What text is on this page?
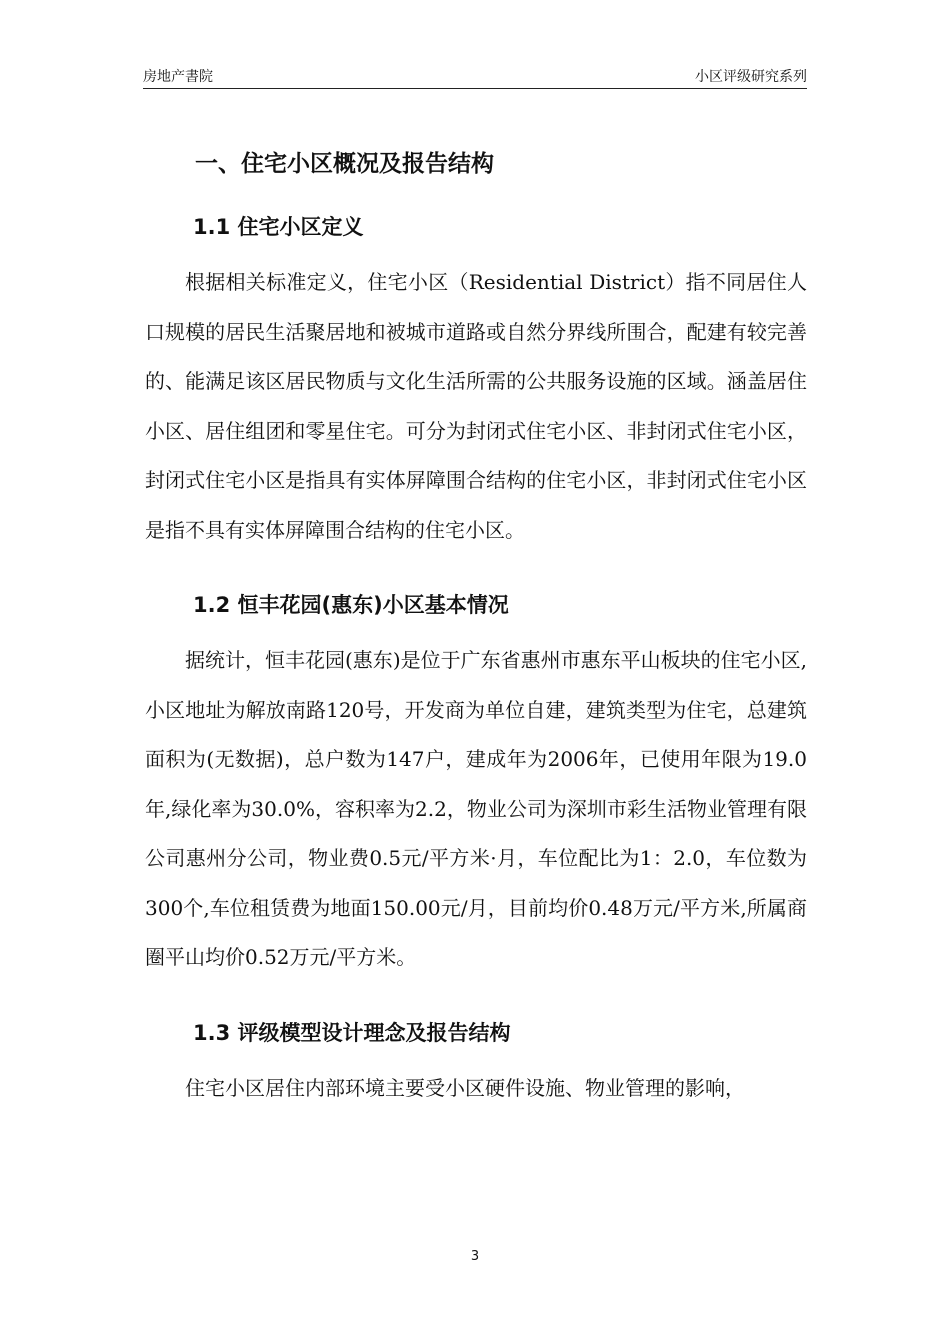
房地产書院	小区评级研究系列
一、住宅小区概况及报告结构
1.1 住宅小区定义

根据相关标准定义，住宅小区（Residential District）指不同居住人口规模的居民生活聚居地和被城市道路或自然分界线所围合，配建有较完善的、能满足该区居民物质与文化生活所需的公共服务设施的区域。涵盖居住小区、居住组团和零星住宅。可分为封闭式住宅小区、非封闭式住宅小区，封闭式住宅小区是指具有实体屏障围合结构的住宅小区，非封闭式住宅小区是指不具有实体屏障围合结构的住宅小区。

1.2 恒丰花园(惠东)小区基本情况

据统计，恒丰花园(惠东)是位于广东省惠州市惠东平山板块的住宅小区,小区地址为解放南路120号，开发商为单位自建，建筑类型为住宅，总建筑面积为(无数据)，总户数为147户，建成年为2006年，已使用年限为19.0年,绿化率为30.0%，容积率为2.2，物业公司为深圳市彩生活物业管理有限公司惠州分公司，物业费0.5元/平方米·月，车位配比为1：2.0，车位数为300个,车位租赁费为地面150.00元/月，目前均价0.48万元/平方米,所属商圈平山均价0.52万元/平方米。

1.3 评级模型设计理念及报告结构

住宅小区居住内部环境主要受小区硬件设施、物业管理的影响，

3
